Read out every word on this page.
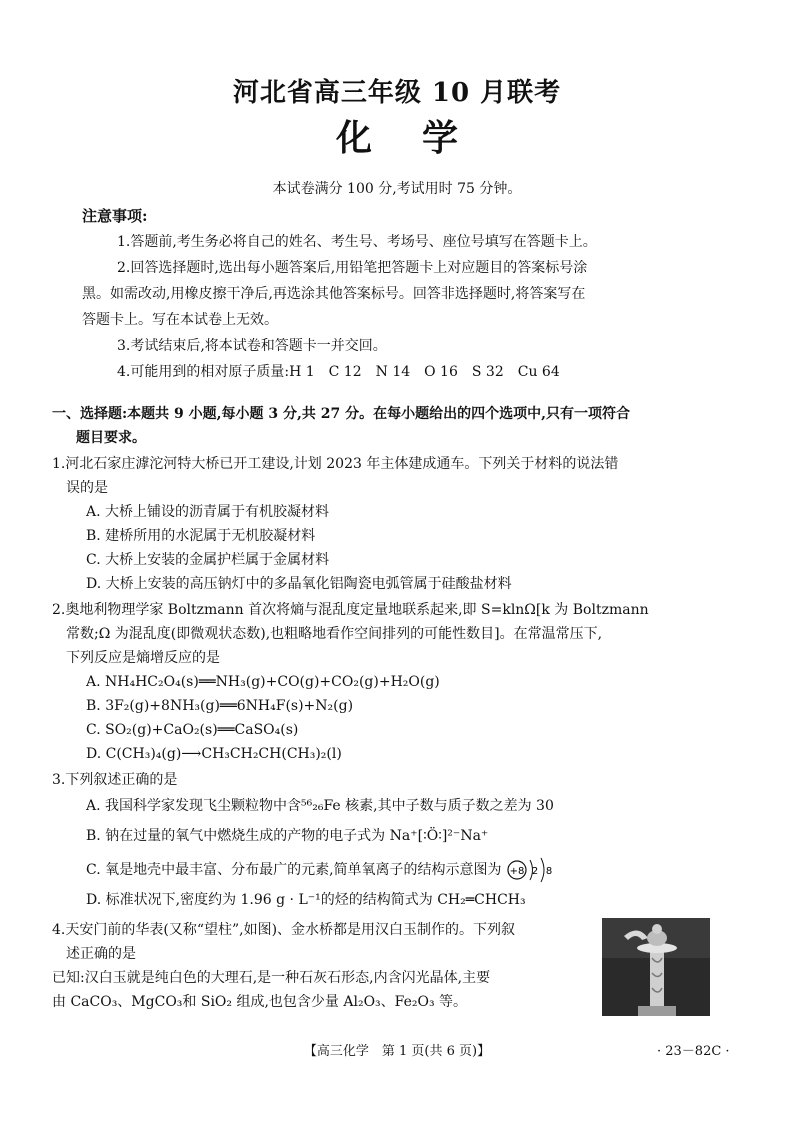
河北省高三年级 10 月联考
化学
本试卷满分 100 分,考试用时 75 分钟。
注意事项:
1.答题前,考生务必将自己的姓名、考生号、考场号、座位号填写在答题卡上。
2.回答选择题时,选出每小题答案后,用铅笔把答题卡上对应题目的答案标号涂
黑。如需改动,用橡皮擦干净后,再选涂其他答案标号。回答非选择题时,将答案写在
答题卡上。写在本试卷上无效。
3.考试结束后,将本试卷和答题卡一并交回。
4.可能用到的相对原子质量:H 1　C 12　N 14　O 16　S 32　Cu 64
一、选择题:本题共 9 小题,每小题 3 分,共 27 分。在每小题给出的四个选项中,只有一项符合
题目要求。
1.河北石家庄滹沱河特大桥已开工建设,计划 2023 年主体建成通车。下列关于材料的说法错
误的是
A. 大桥上铺设的沥青属于有机胶凝材料
B. 建桥所用的水泥属于无机胶凝材料
C. 大桥上安装的金属护栏属于金属材料
D. 大桥上安装的高压钠灯中的多晶氧化铝陶瓷电弧管属于硅酸盐材料
2.奥地利物理学家 Boltzmann 首次将熵与混乱度定量地联系起来,即 S=klnΩ[k 为 Boltzmann
常数;Ω 为混乱度(即微观状态数),也粗略地看作空间排列的可能性数目]。在常温常压下,
下列反应是熵增反应的是
A. NH₄HC₂O₄(s)══NH₃(g)+CO(g)+CO₂(g)+H₂O(g)
B. 3F₂(g)+8NH₃(g)══6NH₄F(s)+N₂(g)
C. SO₂(g)+CaO₂(s)══CaSO₄(s)
D. C(CH₃)₄(g)⟶CH₃CH₂CH(CH₃)₂(l)
3.下列叙述正确的是
A. 我国科学家发现飞尘颗粒物中含⁵⁶₂₆Fe 核素,其中子数与质子数之差为 30
B. 钠在过量的氧气中燃烧生成的产物的电子式为 Na⁺[∶Ö∶]²⁻Na⁺
C. 氧是地壳中最丰富、分布最广的元素,简单氧离子的结构示意图为 +8 2 8
D. 标准状况下,密度约为 1.96 g · L⁻¹的烃的结构简式为 CH₂═CHCH₃
4.天安门前的华表(又称“望柱”,如图)、金水桥都是用汉白玉制作的。下列叙
述正确的是
已知:汉白玉就是纯白色的大理石,是一种石灰石形态,内含闪光晶体,主要
由 CaCO₃、MgCO₃和 SiO₂ 组成,也包含少量 Al₂O₃、Fe₂O₃ 等。
【高三化学　第 1 页(共 6 页)】	· 23－82C ·
